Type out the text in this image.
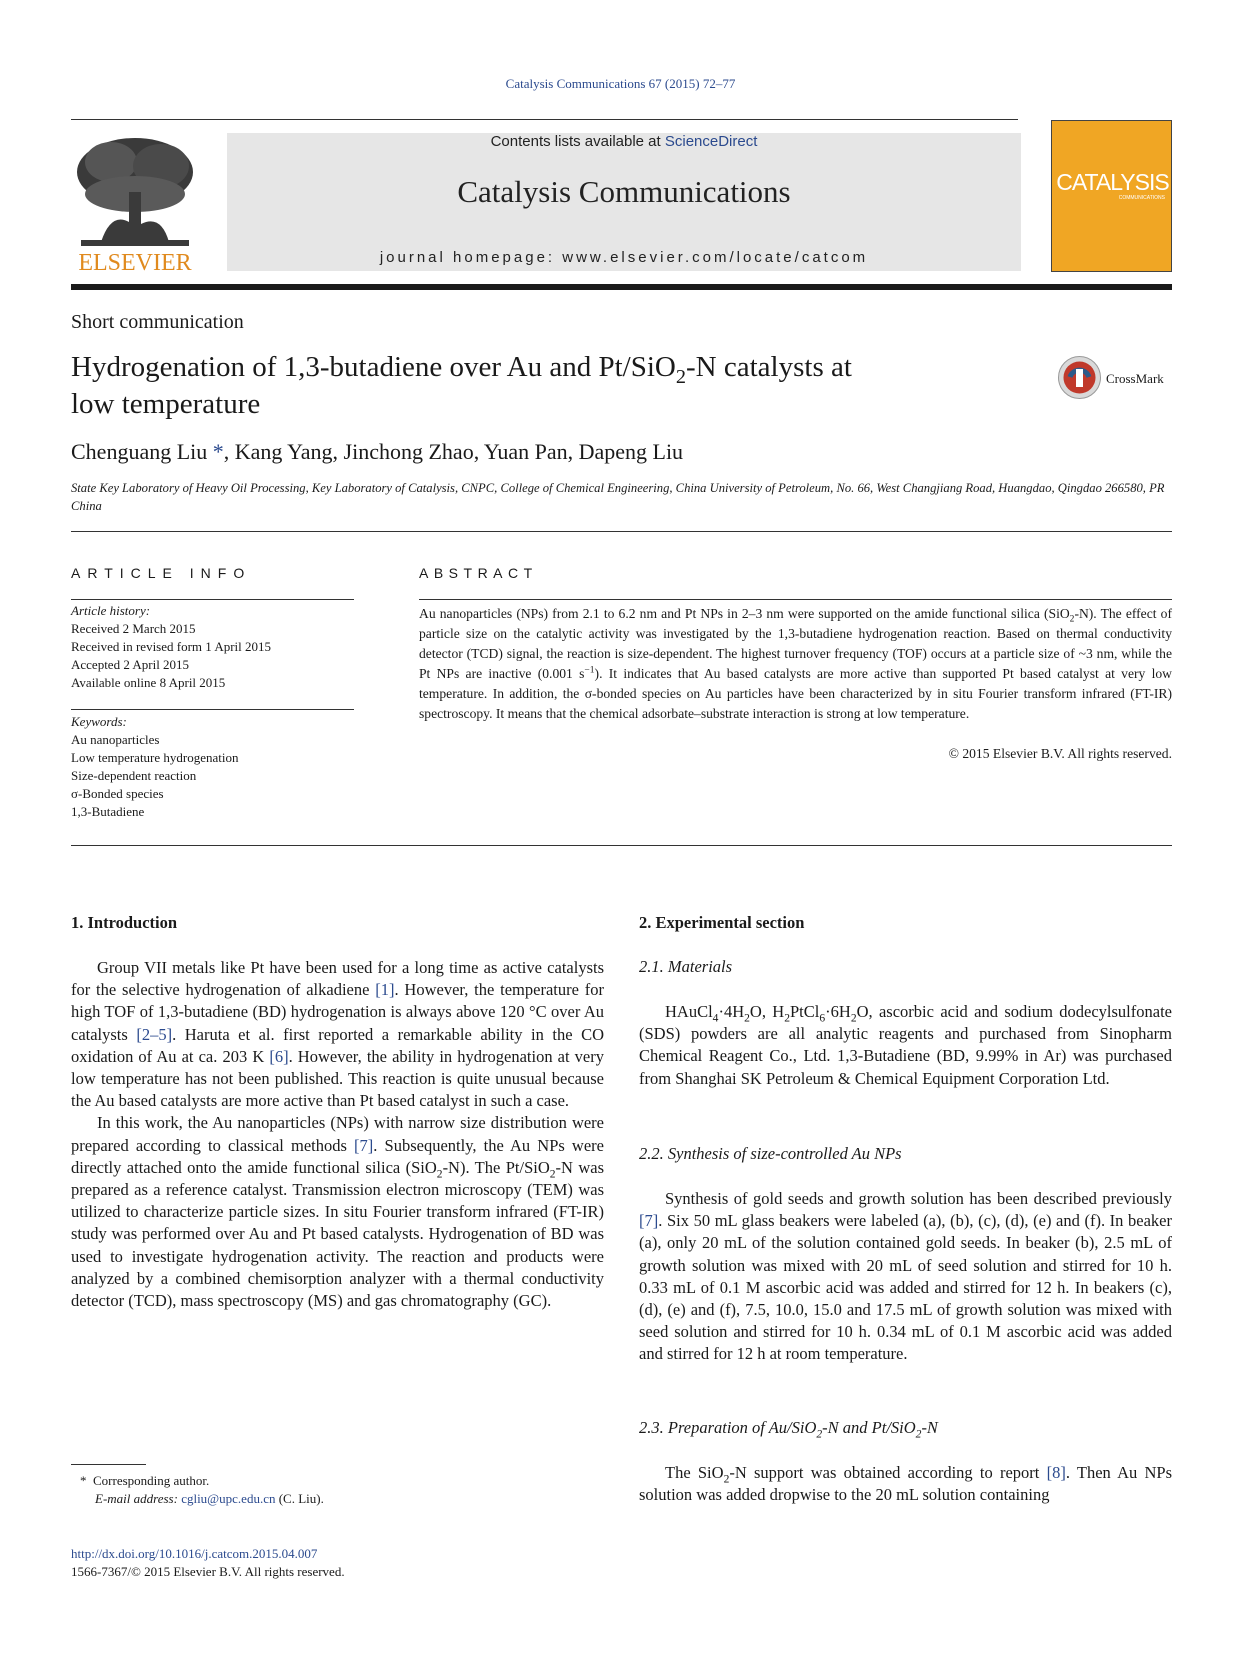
Catalysis Communications 67 (2015) 72–77
ELSEVIER
Contents lists available at ScienceDirect
Catalysis Communications
journal homepage: www.elsevier.com/locate/catcom
CATALYSIS
COMMUNICATIONS
Short communication
Hydrogenation of 1,3-butadiene over Au and Pt/SiO$_2$-N catalysts at
low temperature
CrossMark
Chenguang Liu *, Kang Yang, Jinchong Zhao, Yuan Pan, Dapeng Liu
State Key Laboratory of Heavy Oil Processing, Key Laboratory of Catalysis, CNPC, College of Chemical Engineering, China University of Petroleum, No. 66, West Changjiang Road, Huangdao, Qingdao 266580, PR China
ARTICLE INFO	ABSTRACT
Article history:
Received 2 March 2015
Received in revised form 1 April 2015
Accepted 2 April 2015
Available online 8 April 2015
Keywords:
Au nanoparticles
Low temperature hydrogenation
Size-dependent reaction
σ-Bonded species
1,3-Butadiene
Au nanoparticles (NPs) from 2.1 to 6.2 nm and Pt NPs in 2–3 nm were supported on the amide functional silica (SiO$_2$-N). The effect of particle size on the catalytic activity was investigated by the 1,3-butadiene hydrogenation reaction. Based on thermal conductivity detector (TCD) signal, the reaction is size-dependent. The highest turnover frequency (TOF) occurs at a particle size of ~3 nm, while the Pt NPs are inactive (0.001 $s^{-1}$). It indicates that Au based catalysts are more active than supported Pt based catalyst at very low temperature. In addition, the σ-bonded species on Au particles have been characterized by in situ Fourier transform infrared (FT-IR) spectroscopy. It means that the chemical adsorbate–substrate interaction is strong at low temperature.
© 2015 Elsevier B.V. All rights reserved.
1. Introduction

Group VII metals like Pt have been used for a long time as active catalysts for the selective hydrogenation of alkadiene [1]. However, the temperature for high TOF of 1,3-butadiene (BD) hydrogenation is always above 120 °C over Au catalysts [2–5]. Haruta et al. first reported a remarkable ability in the CO oxidation of Au at ca. 203 K [6]. However, the ability in hydrogenation at very low temperature has not been published. This reaction is quite unusual because the Au based catalysts are more active than Pt based catalyst in such a case.

In this work, the Au nanoparticles (NPs) with narrow size distribution were prepared according to classical methods [7]. Subsequently, the Au NPs were directly attached onto the amide functional silica (SiO$_2$-N). The Pt/SiO$_2$-N was prepared as a reference catalyst. Transmission electron microscopy (TEM) was utilized to characterize particle sizes. In situ Fourier transform infrared (FT-IR) study was performed over Au and Pt based catalysts. Hydrogenation of BD was used to investigate hydrogenation activity. The reaction and products were analyzed by a combined chemisorption analyzer with a thermal conductivity detector (TCD), mass spectroscopy (MS) and gas chromatography (GC).

2. Experimental section
2.1. Materials

$HAuCl_4\cdot 4H_2O$, $H_2PtCl_6\cdot 6H_2O$, ascorbic acid and sodium dodecylsulfonate (SDS) powders are all analytic reagents and purchased from Sinopharm Chemical Reagent Co., Ltd. 1,3-Butadiene (BD, 9.99% in Ar) was purchased from Shanghai SK Petroleum & Chemical Equipment Corporation Ltd.

2.2. Synthesis of size-controlled Au NPs

Synthesis of gold seeds and growth solution has been described previously [7]. Six 50 mL glass beakers were labeled (a), (b), (c), (d), (e) and (f). In beaker (a), only 20 mL of the solution contained gold seeds. In beaker (b), 2.5 mL of growth solution was mixed with 20 mL of seed solution and stirred for 10 h. 0.33 mL of 0.1 M ascorbic acid was added and stirred for 12 h. In beakers (c), (d), (e) and (f), 7.5, 10.0, 15.0 and 17.5 mL of growth solution was mixed with seed solution and stirred for 10 h. 0.34 mL of 0.1 M ascorbic acid was added and stirred for 12 h at room temperature.

2.3. Preparation of Au/SiO$_2$-N and Pt/SiO$_2$-N

The SiO$_2$-N support was obtained according to report [8]. Then Au NPs solution was added dropwise to the 20 mL solution containing

* Corresponding author.
E-mail address: cgliu@upc.edu.cn (C. Liu).
http://dx.doi.org/10.1016/j.catcom.2015.04.007
1566-7367/© 2015 Elsevier B.V. All rights reserved.
